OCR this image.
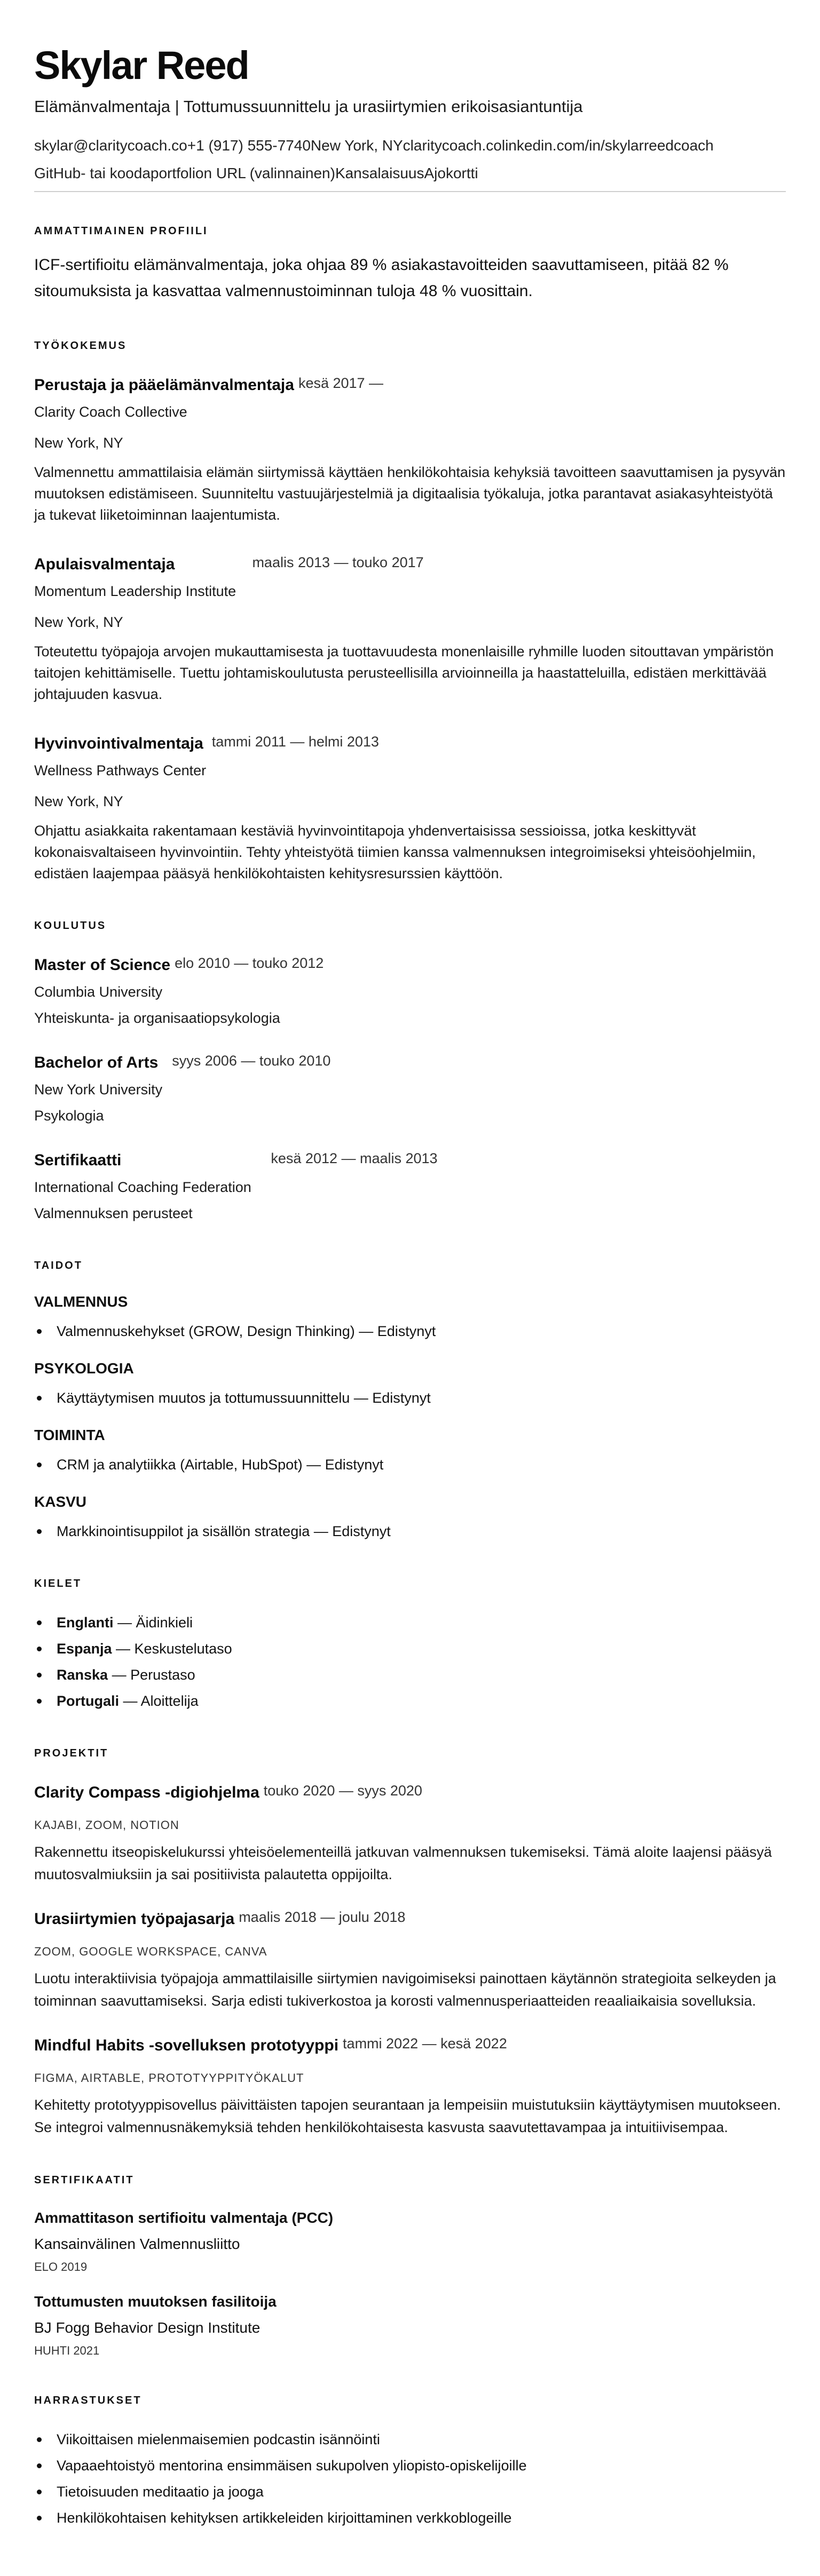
Skylar Reed
Elämänvalmentaja | Tottumussuunnittelu ja urasiirtymien erikoisasiantuntija
skylar@claritycoach.co+1 (917) 555-7740New York, NYclaritycoach.colinkedin.com/in/skylarreedcoach
GitHub- tai koodaportfolion URL (valinnainen)KansalaisuusAjokortti
AMMATTIMAINEN PROFIILI

ICF-sertifioitu elämänvalmentaja, joka ohjaa 89 % asiakastavoitteiden saavuttamiseen, pitää 82 % sitoumuksista ja kasvattaa valmennustoiminnan tuloja 48 % vuosittain.

TYÖKOKEMUS
Perustaja ja pääelämänvalmentaja kesä 2017 —
Clarity Coach Collective
New York, NY

Valmennettu ammattilaisia elämän siirtymissä käyttäen henkilökohtaisia kehyksiä tavoitteen saavuttamisen ja pysyvän muutoksen edistämiseen. Suunniteltu vastuujärjestelmiä ja digitaalisia työkaluja, jotka parantavat asiakasyhteistyötä ja tukevat liiketoiminnan laajentumista.

Apulaisvalmentaja	maalis 2013 — touko 2017
Momentum Leadership Institute
New York, NY

Toteutettu työpajoja arvojen mukauttamisesta ja tuottavuudesta monenlaisille ryhmille luoden sitouttavan ympäristön taitojen kehittämiselle. Tuettu johtamiskoulutusta perusteellisilla arvioinneilla ja haastatteluilla, edistäen merkittävää johtajuuden kasvua.

Hyvinvointivalmentaja tammi 2011 — helmi 2013
Wellness Pathways Center
New York, NY

Ohjattu asiakkaita rakentamaan kestäviä hyvinvointitapoja yhdenvertaisissa sessioissa, jotka keskittyvät kokonaisvaltaiseen hyvinvointiin. Tehty yhteistyötä tiimien kanssa valmennuksen integroimiseksi yhteisöohjelmiin, edistäen laajempaa pääsyä henkilökohtaisten kehitysresurssien käyttöön.

KOULUTUS
Master of Science elo 2010 — touko 2012
Columbia University
Yhteiskunta- ja organisaatiopsykologia
Bachelor of Arts syys 2006 — touko 2010
New York University
Psykologia
Sertifikaatti	kesä 2012 — maalis 2013
International Coaching Federation
Valmennuksen perusteet
TAIDOT
VALMENNUS
Valmennuskehykset (GROW, Design Thinking) — Edistynyt
PSYKOLOGIA
Käyttäytymisen muutos ja tottumussuunnittelu — Edistynyt
TOIMINTA
CRM ja analytiikka (Airtable, HubSpot) — Edistynyt
KASVU
Markkinointisuppilot ja sisällön strategia — Edistynyt
KIELET
Englanti — Äidinkieli
Espanja — Keskustelutaso
Ranska — Perustaso
Portugali — Aloittelija
PROJEKTIT
Clarity Compass -digiohjelma touko 2020 — syys 2020
KAJABI, ZOOM, NOTION

Rakennettu itseopiskelukurssi yhteisöelementeillä jatkuvan valmennuksen tukemiseksi. Tämä aloite laajensi pääsyä muutosvalmiuksiin ja sai positiivista palautetta oppijoilta.

Urasiirtymien työpajasarja maalis 2018 — joulu 2018
ZOOM, GOOGLE WORKSPACE, CANVA

Luotu interaktiivisia työpajoja ammattilaisille siirtymien navigoimiseksi painottaen käytännön strategioita selkeyden ja toiminnan saavuttamiseksi. Sarja edisti tukiverkostoa ja korosti valmennusperiaatteiden reaaliaikaisia sovelluksia.

Mindful Habits -sovelluksen prototyyppi tammi 2022 — kesä 2022
FIGMA, AIRTABLE, PROTOTYYPPITYÖKALUT

Kehitetty prototyyppisovellus päivittäisten tapojen seurantaan ja lempeisiin muistutuksiin käyttäytymisen muutokseen. Se integroi valmennusnäkemyksiä tehden henkilökohtaisesta kasvusta saavutettavampaa ja intuitiivisempaa.

SERTIFIKAATIT
Ammattitason sertifioitu valmentaja (PCC)
Kansainvälinen Valmennusliitto
ELO 2019
Tottumusten muutoksen fasilitoija
BJ Fogg Behavior Design Institute
HUHTI 2021
HARRASTUKSET
Viikoittaisen mielenmaisemien podcastin isännöinti
Vapaaehtoistyö mentorina ensimmäisen sukupolven yliopisto-opiskelijoille
Tietoisuuden meditaatio ja jooga
Henkilökohtaisen kehityksen artikkeleiden kirjoittaminen verkkoblogeille
